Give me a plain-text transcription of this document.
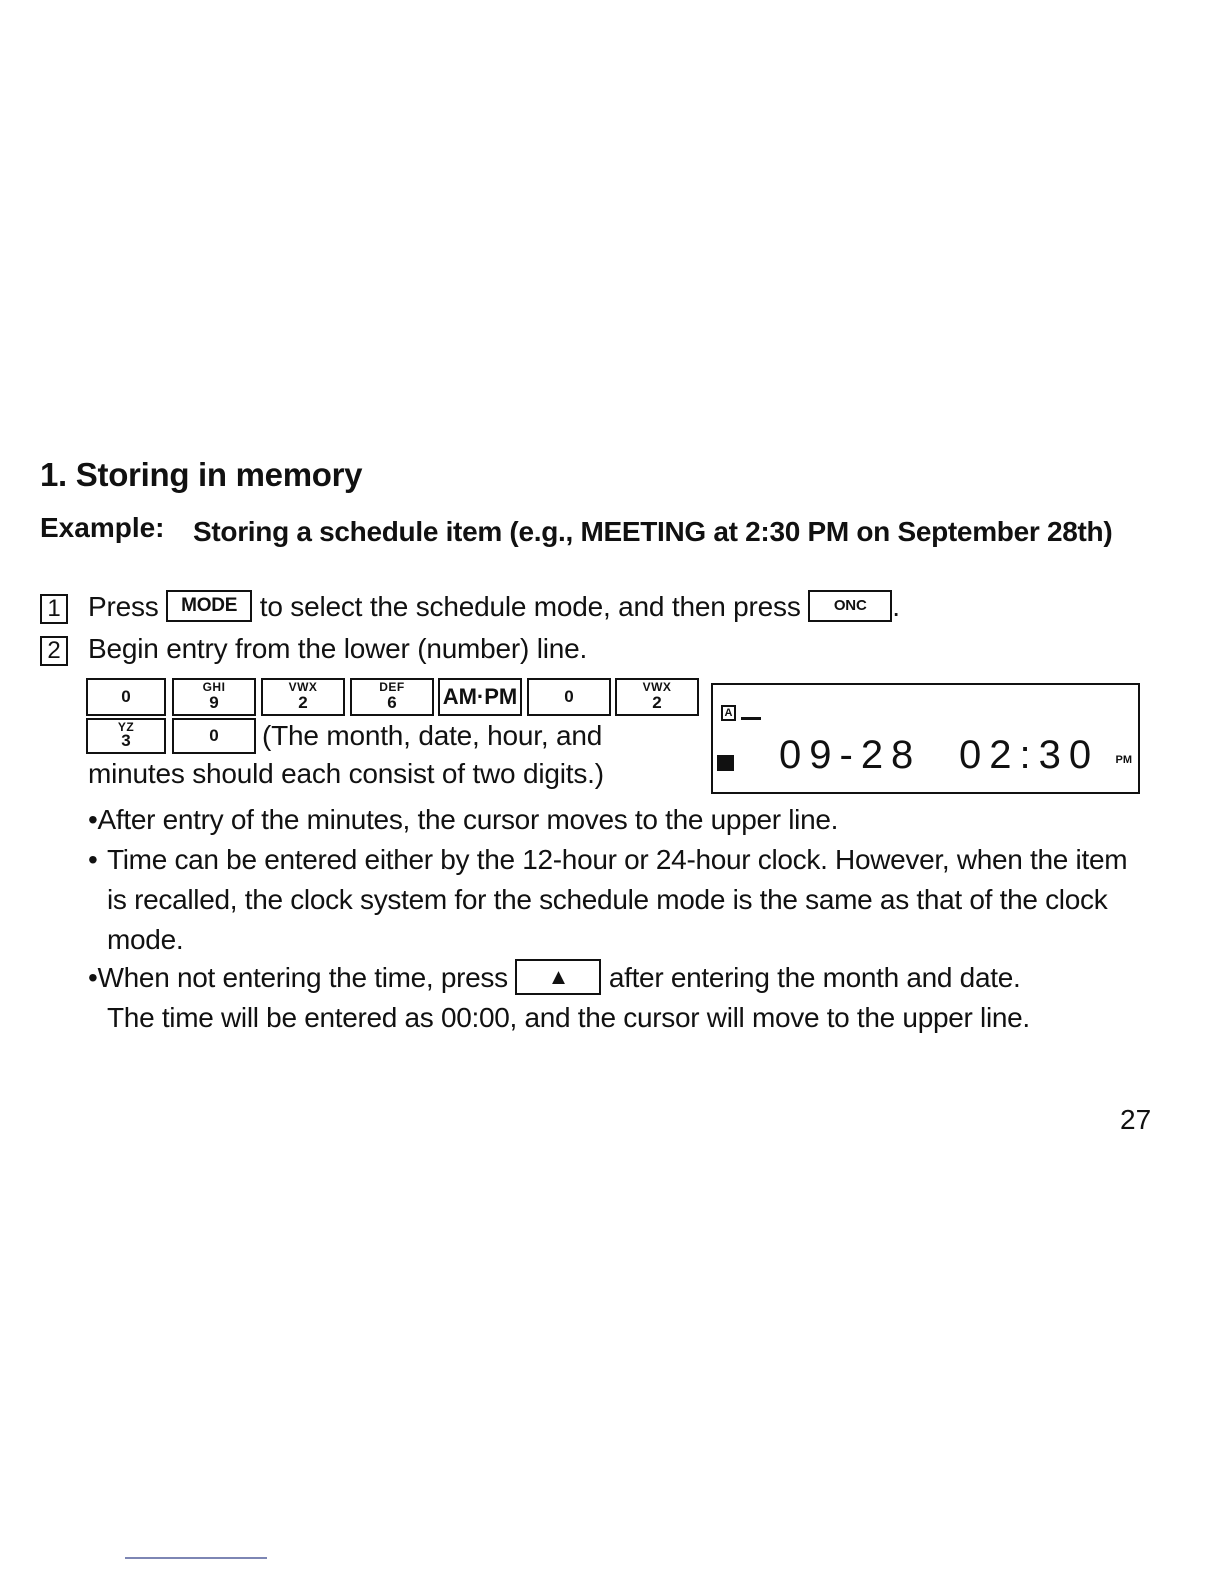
1. Storing in memory
Example: Storing a schedule item (e.g., MEETING at 2:30 PM on September 28th)
1 Press MODE to select the schedule mode, and then press ONC .
2 Begin entry from the lower (number) line.
0	GHI
9
VWX
2
DEF
6	AM·PM	0	VWX
2
YZ
3	0	(The month, date, hour, and
minutes should each consist of two digits.)
A
09-28 02:30 PM
•After entry of the minutes, the cursor moves to the upper line.
• Time can be entered either by the 12-hour or 24-hour clock. However, when the item is recalled, the clock system for the schedule mode is the same as that of the clock mode.
•When not entering the time, press ▲ after entering the month and date.
The time will be entered as 00:00, and the cursor will move to the upper line.
27
